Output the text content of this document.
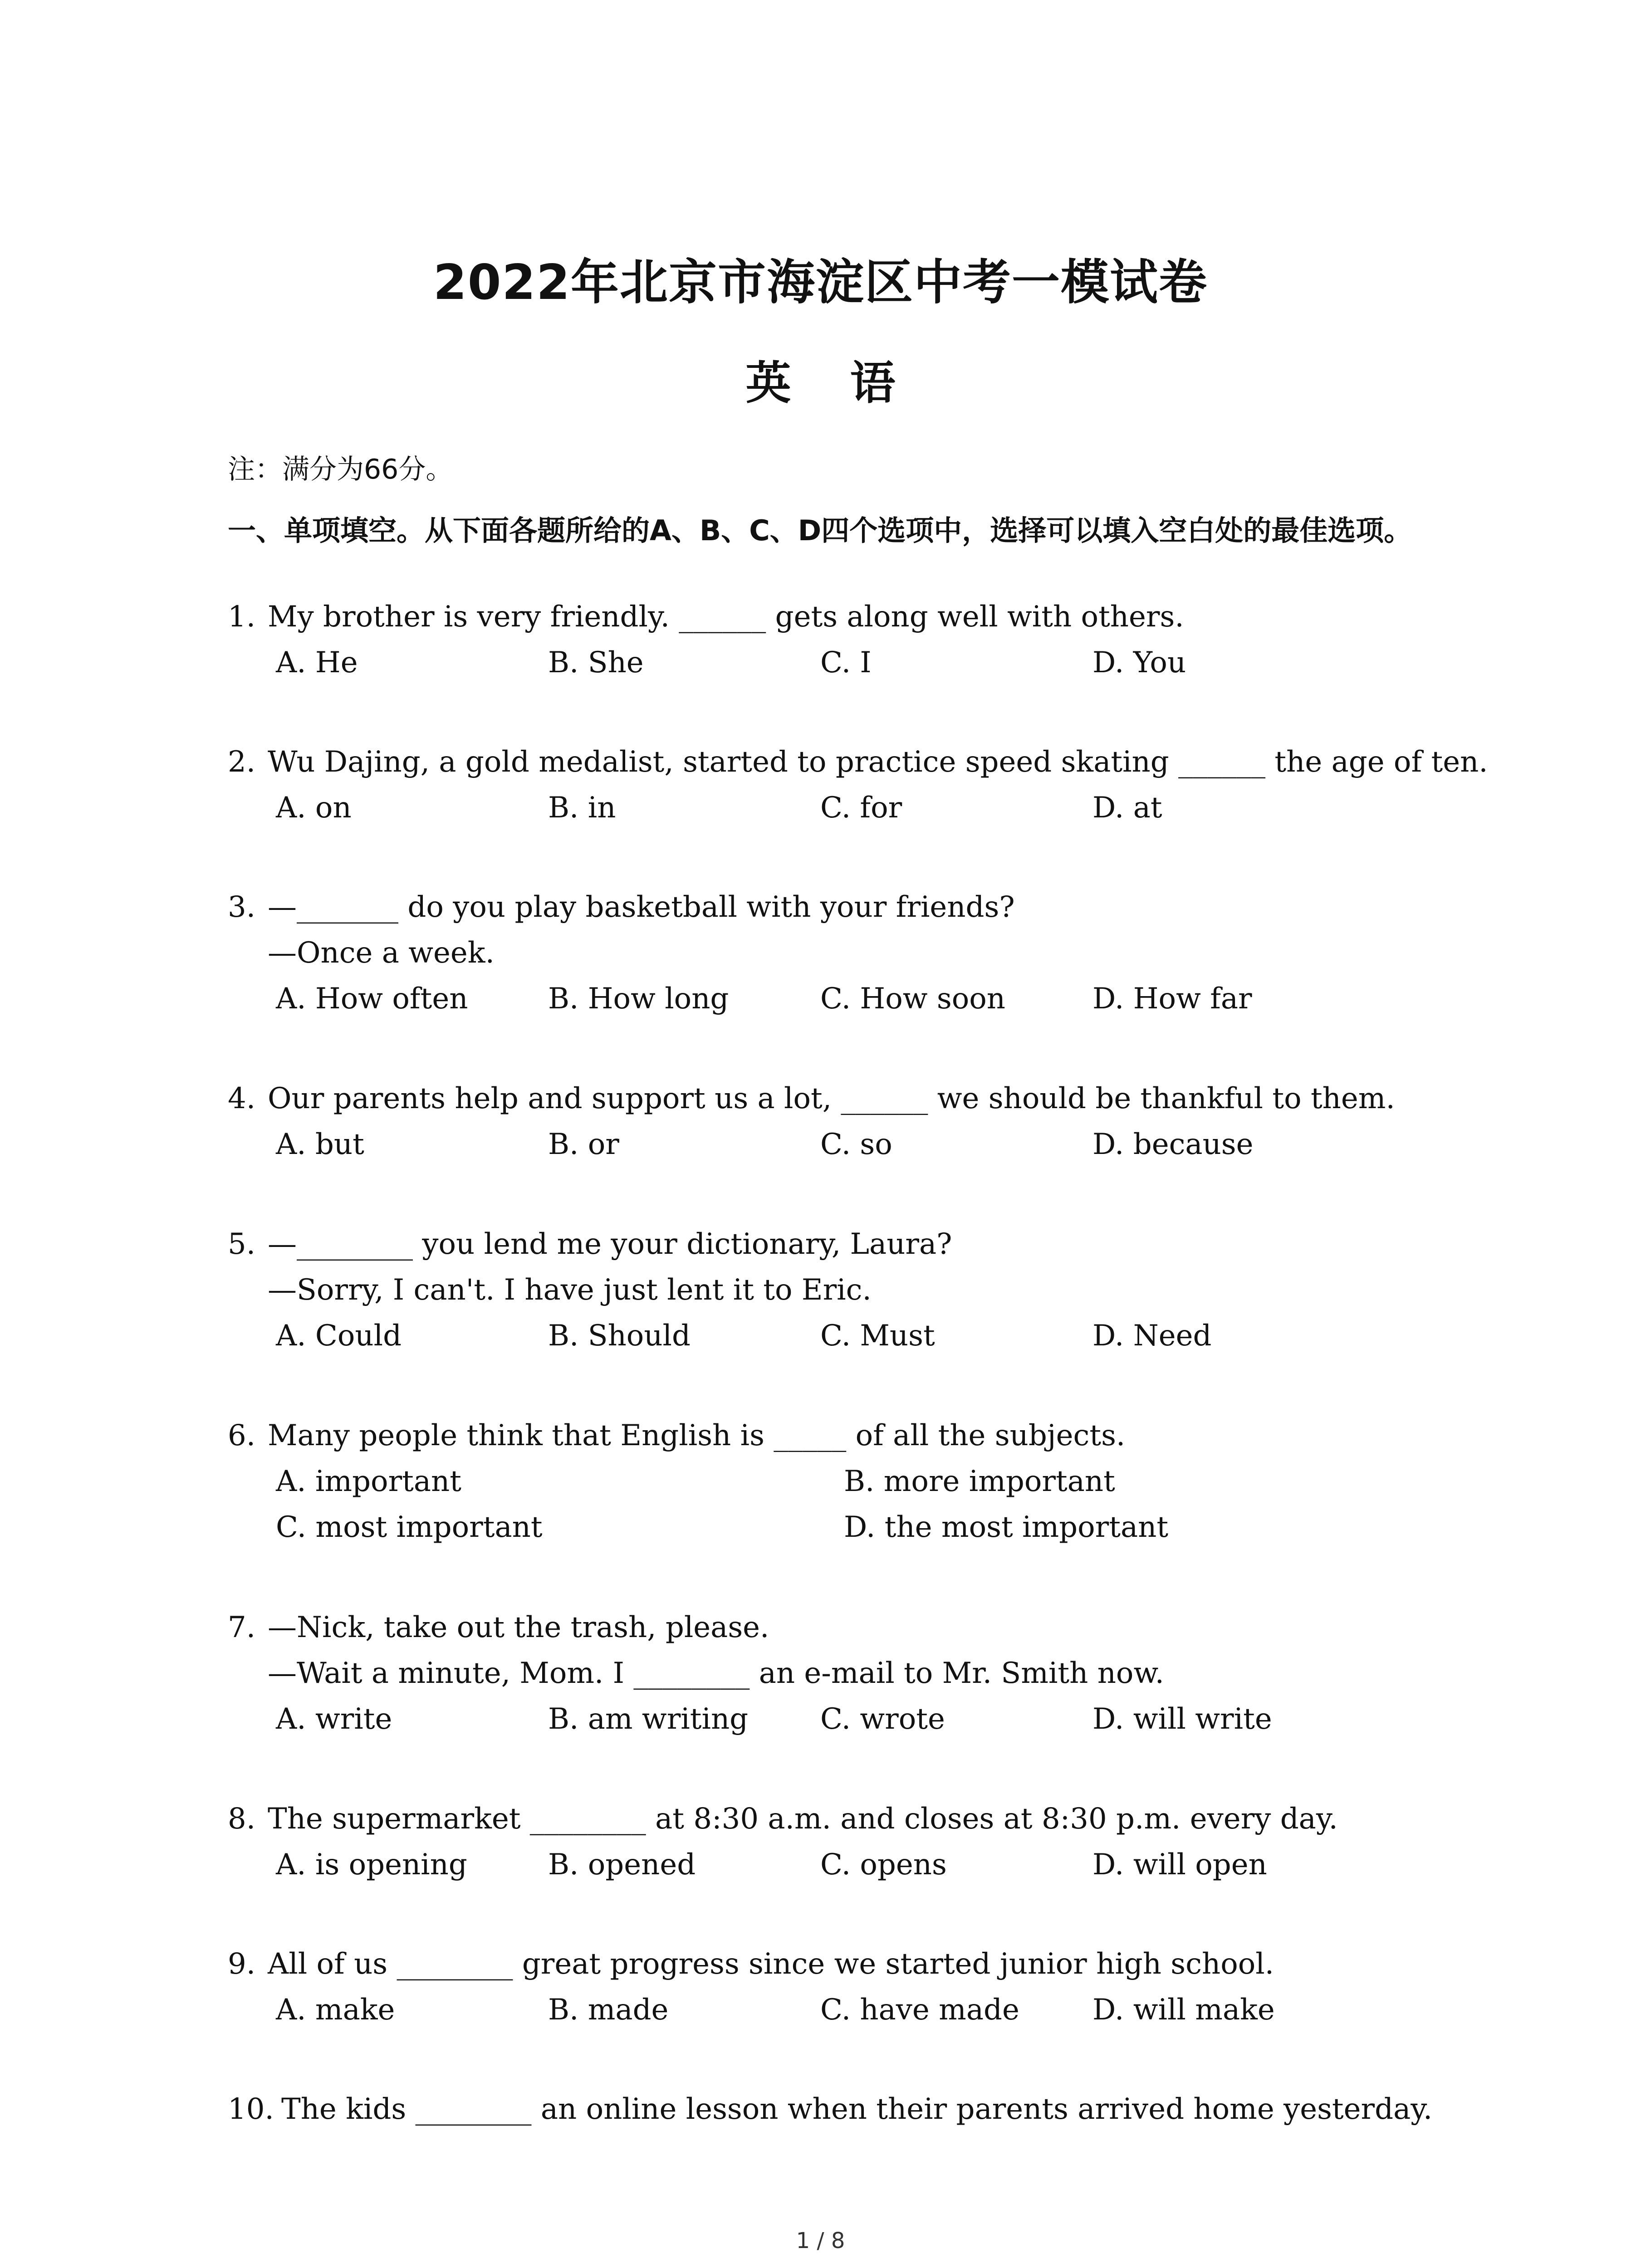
2022年北京市海淀区中考一模试卷
英语
注：满分为66分。
一、单项填空。从下面各题所给的A、B、C、D四个选项中，选择可以填入空白处的最佳选项。
1. My brother is very friendly. ______ gets along well with others.
A. He	B. She	C. I	D. You
2. Wu Dajing, a gold medalist, started to practice speed skating ______ the age of ten.
A. on	B. in	C. for	D. at
3. —_______ do you play basketball with your friends?
—Once a week.
A. How often	B. How long	C. How soon	D. How far
4. Our parents help and support us a lot, ______ we should be thankful to them.
A. but	B. or	C. so	D. because
5. —________ you lend me your dictionary, Laura?
—Sorry, I can't. I have just lent it to Eric.
A. Could	B. Should	C. Must	D. Need
6. Many people think that English is _____ of all the subjects.
A. important	B. more important
C. most important	D. the most important
7. —Nick, take out the trash, please.
—Wait a minute, Mom. I ________ an e-mail to Mr. Smith now.
A. write	B. am writing C. wrote	D. will write
8. The supermarket ________ at 8:30 a.m. and closes at 8:30 p.m. every day.
A. is opening	B. opened	C. opens	D. will open
9. All of us ________ great progress since we started junior high school.
A. make	B. made	C. have made	D. will make
10. The kids ________ an online lesson when their parents arrived home yesterday.
1 / 8
